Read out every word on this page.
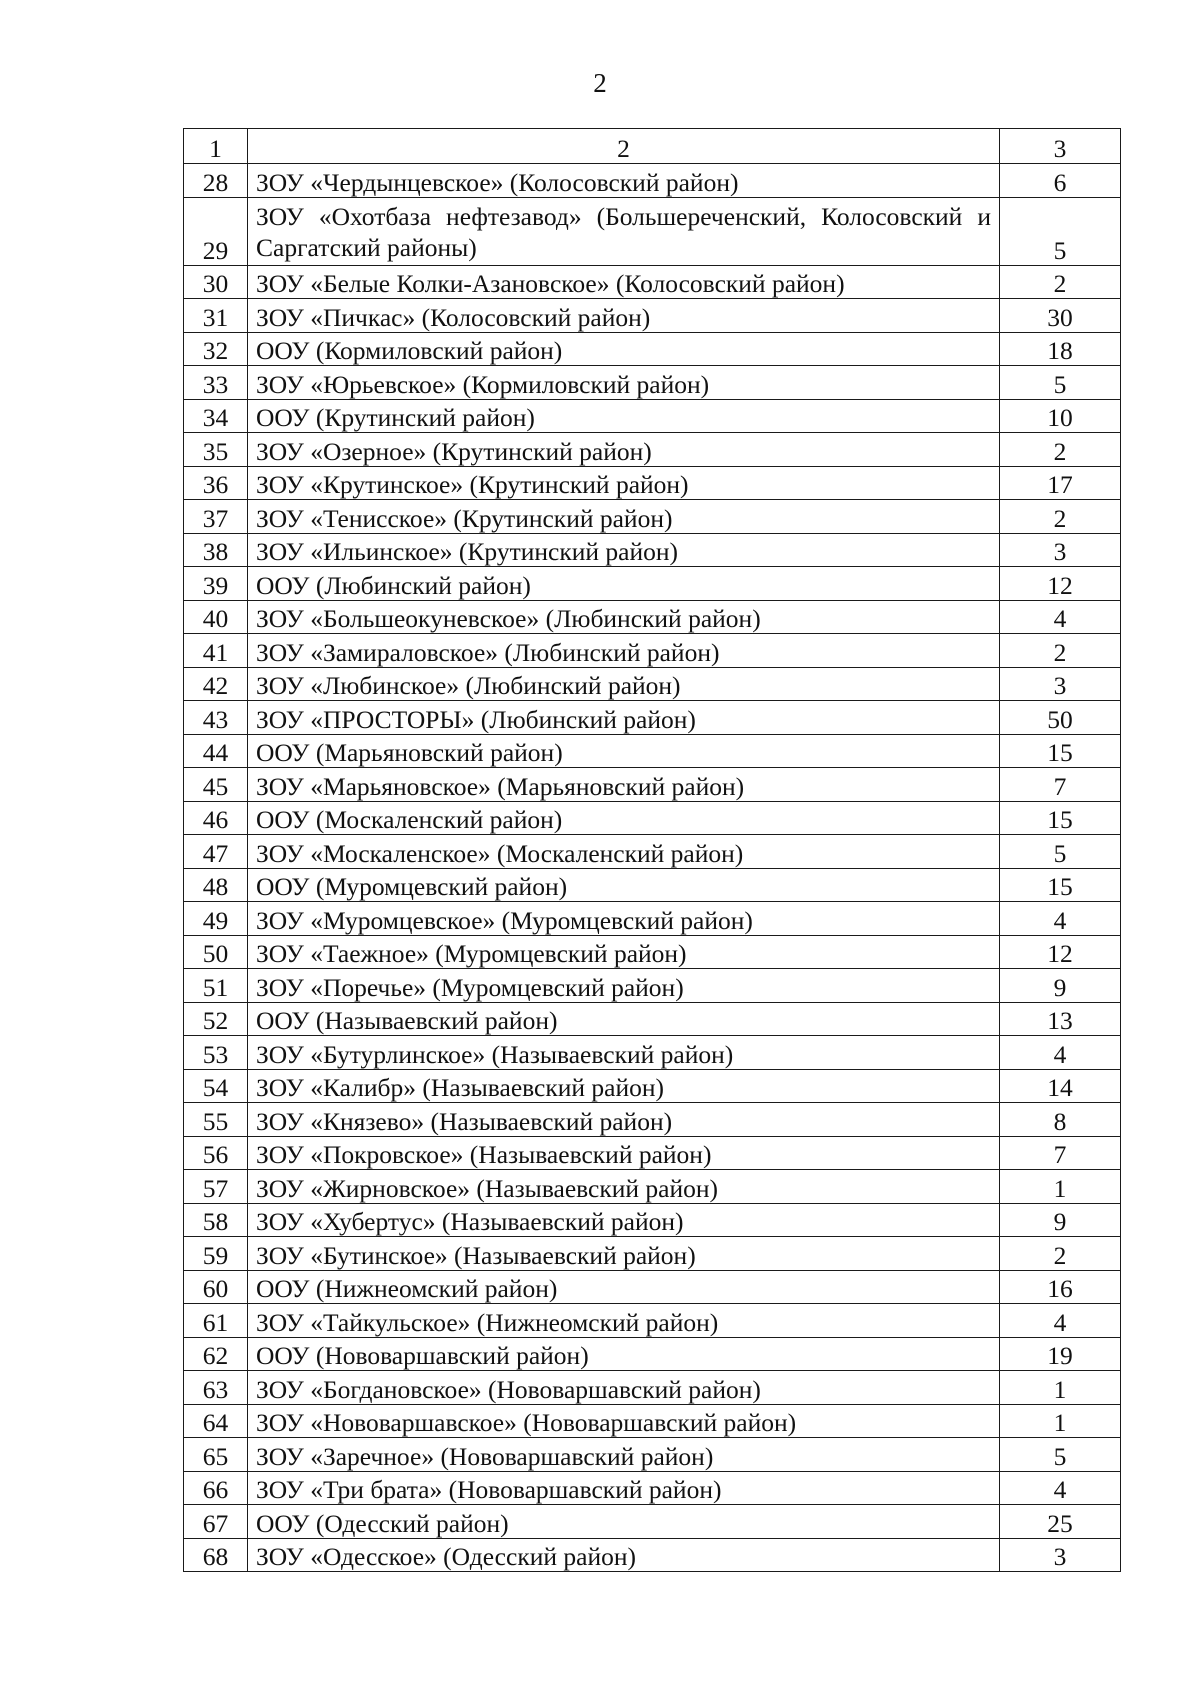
2
1	2	3
28	ЗОУ «Чердынцевское» (Колосовский район)	6
29	ЗОУ «Охотбаза нефтезавод» (Большереченский, Колосовский и Саргатский районы)	5
30	ЗОУ «Белые Колки-Азановское» (Колосовский район)	2
31	ЗОУ «Пичкас» (Колосовский район)	30
32	ООУ (Кормиловский район)	18
33	ЗОУ «Юрьевское» (Кормиловский район)	5
34	ООУ (Крутинский район)	10
35	ЗОУ «Озерное» (Крутинский район)	2
36	ЗОУ «Крутинское» (Крутинский район)	17
37	ЗОУ «Тенисское» (Крутинский район)	2
38	ЗОУ «Ильинское» (Крутинский район)	3
39	ООУ (Любинский район)	12
40	ЗОУ «Большеокуневское» (Любинский район)	4
41	ЗОУ «Замираловское» (Любинский район)	2
42	ЗОУ «Любинское» (Любинский район)	3
43	ЗОУ «ПРОСТОРЫ» (Любинский район)	50
44	ООУ (Марьяновский район)	15
45	ЗОУ «Марьяновское» (Марьяновский район)	7
46	ООУ (Москаленский район)	15
47	ЗОУ «Москаленское» (Москаленский район)	5
48	ООУ (Муромцевский район)	15
49	ЗОУ «Муромцевское» (Муромцевский район)	4
50	ЗОУ «Таежное» (Муромцевский район)	12
51	ЗОУ «Поречье» (Муромцевский район)	9
52	ООУ (Называевский район)	13
53	ЗОУ «Бутурлинское» (Называевский район)	4
54	ЗОУ «Калибр» (Называевский район)	14
55	ЗОУ «Князево» (Называевский район)	8
56	ЗОУ «Покровское» (Называевский район)	7
57	ЗОУ «Жирновское» (Называевский район)	1
58	ЗОУ «Хубертус» (Называевский район)	9
59	ЗОУ «Бутинское» (Называевский район)	2
60	ООУ (Нижнеомский район)	16
61	ЗОУ «Тайкульское» (Нижнеомский район)	4
62	ООУ (Нововаршавский район)	19
63	ЗОУ «Богдановское» (Нововаршавский район)	1
64	ЗОУ «Нововаршавское» (Нововаршавский район)	1
65	ЗОУ «Заречное» (Нововаршавский район)	5
66	ЗОУ «Три брата» (Нововаршавский район)	4
67	ООУ (Одесский район)	25
68	ЗОУ «Одесское» (Одесский район)	3
